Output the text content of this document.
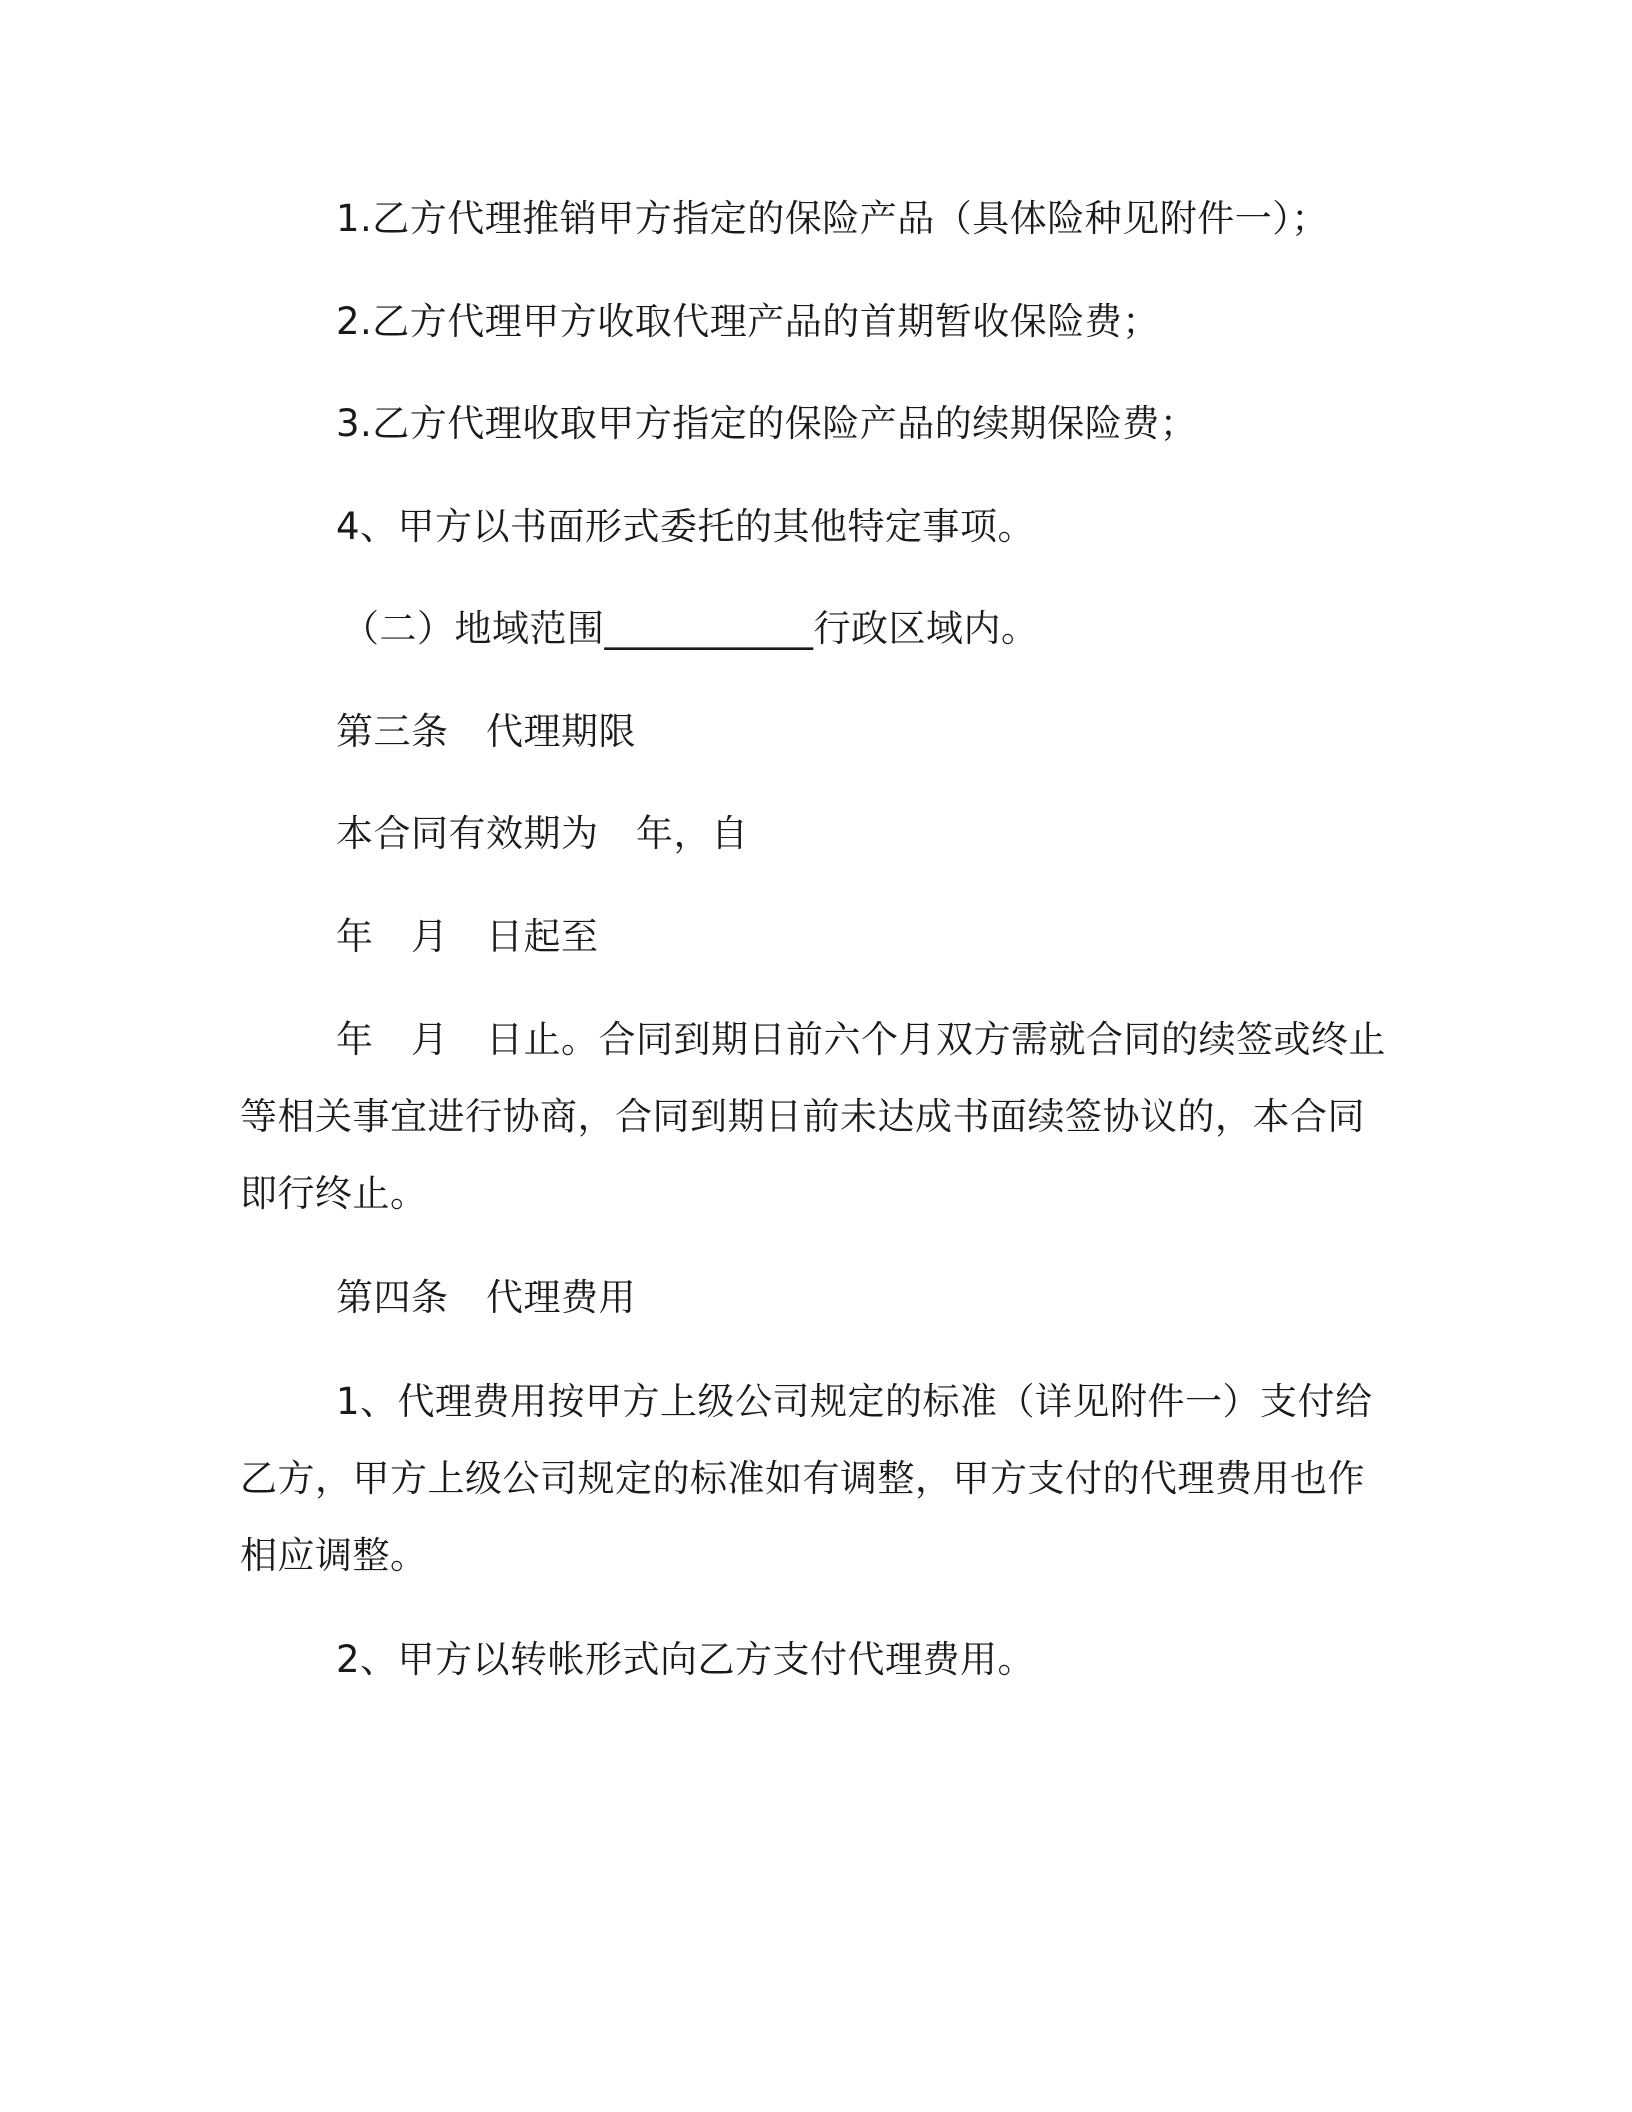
1.乙方代理推销甲方指定的保险产品（具体险种见附件一）；
2.乙方代理甲方收取代理产品的首期暂收保险费；
3.乙方代理收取甲方指定的保险产品的续期保险费；
4、甲方以书面形式委托的其他特定事项。
（二）地域范围___________行政区域内。
第三条　代理期限
本合同有效期为　年，自
年　月　日起至
年　月　日止。合同到期日前六个月双方需就合同的续签或终止
等相关事宜进行协商，合同到期日前未达成书面续签协议的，本合同
即行终止。
第四条　代理费用
1、代理费用按甲方上级公司规定的标准（详见附件一）支付给
乙方，甲方上级公司规定的标准如有调整，甲方支付的代理费用也作
相应调整。
2、甲方以转帐形式向乙方支付代理费用。
